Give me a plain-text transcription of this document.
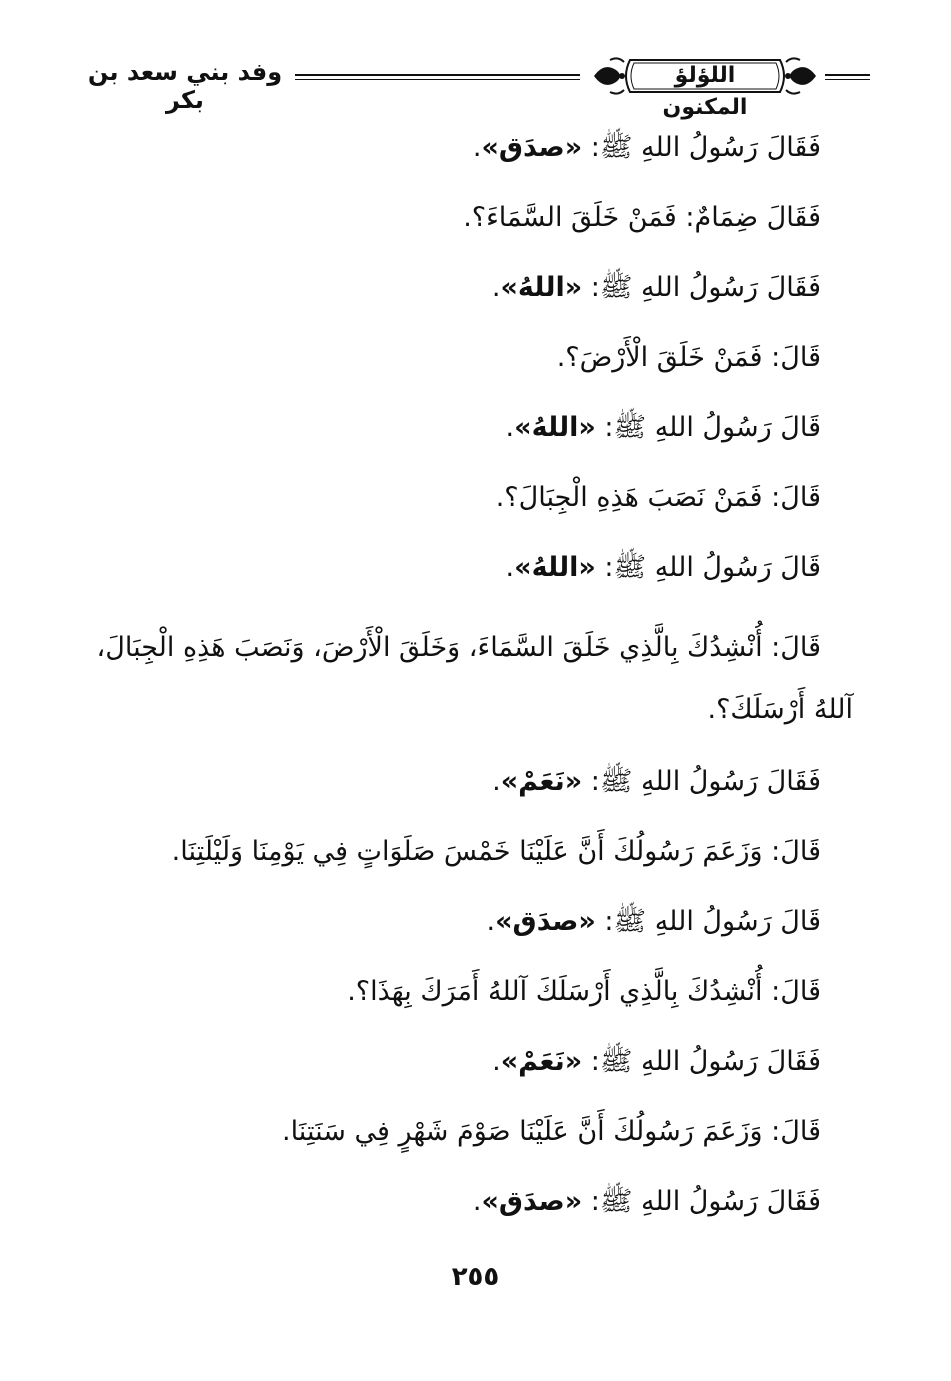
اللؤلؤ المكنون
وفد بني سعد بن بكر
فَقَالَ رَسُولُ اللهِ ﷺ: «صدَق».
فَقَالَ ضِمَامٌ: فَمَنْ خَلَقَ السَّمَاءَ؟.
فَقَالَ رَسُولُ اللهِ ﷺ: «اللهُ».
قَالَ: فَمَنْ خَلَقَ الْأَرْضَ؟.
قَالَ رَسُولُ اللهِ ﷺ: «اللهُ».
قَالَ: فَمَنْ نَصَبَ هَذِهِ الْجِبَالَ؟.
قَالَ رَسُولُ اللهِ ﷺ: «اللهُ».
قَالَ: أُنْشِدُكَ بِالَّذِي خَلَقَ السَّمَاءَ، وَخَلَقَ الْأَرْضَ، وَنَصَبَ هَذِهِ الْجِبَالَ،
آللهُ أَرْسَلَكَ؟.
فَقَالَ رَسُولُ اللهِ ﷺ: «نَعَمْ».
قَالَ: وَزَعَمَ رَسُولُكَ أَنَّ عَلَيْنَا خَمْسَ صَلَوَاتٍ فِي يَوْمِنَا وَلَيْلَتِنَا.
قَالَ رَسُولُ اللهِ ﷺ: «صدَق».
قَالَ: أُنْشِدُكَ بِالَّذِي أَرْسَلَكَ آللهُ أَمَرَكَ بِهَذَا؟.
فَقَالَ رَسُولُ اللهِ ﷺ: «نَعَمْ».
قَالَ: وَزَعَمَ رَسُولُكَ أَنَّ عَلَيْنَا صَوْمَ شَهْرٍ فِي سَنَتِنَا.
فَقَالَ رَسُولُ اللهِ ﷺ: «صدَق».
٢٥٥
